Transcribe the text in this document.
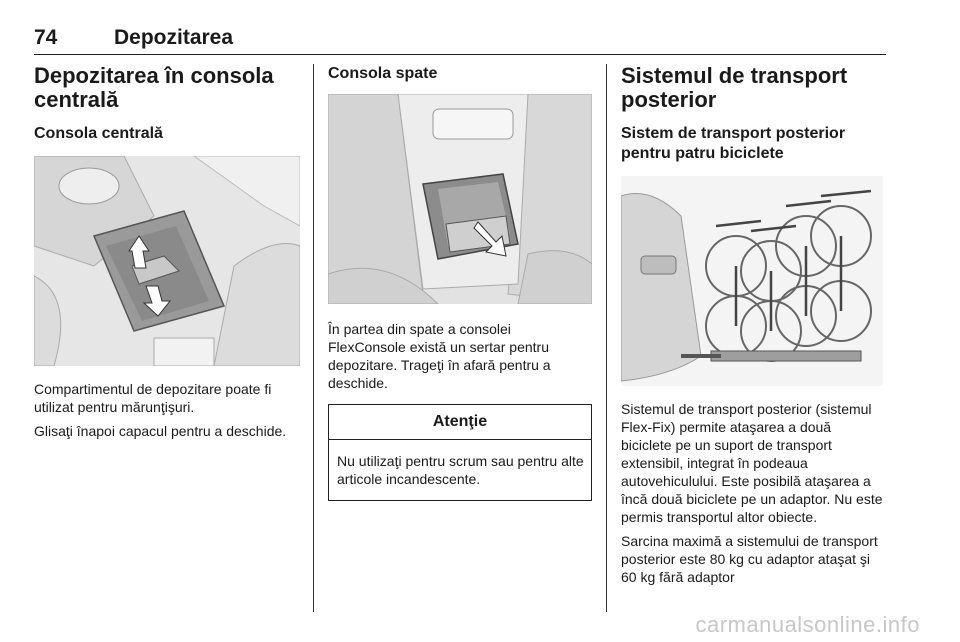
74	Depozitarea
Depozitarea în consola centrală
Consola centrală

Compartimentul de depozitare poate fi utilizat pentru mărunţişuri.

Glisaţi înapoi capacul pentru a deschide.

Consola spate

În partea din spate a consolei FlexConsole există un sertar pentru depozitare. Trageţi în afară pentru a deschide.

Atenţie
Nu utilizaţi pentru scrum sau pentru alte articole incandescente.
Sistemul de transport posterior
Sistem de transport posterior pentru patru biciclete

Sistemul de transport posterior (sistemul Flex-Fix) permite ataşarea a două biciclete pe un suport de transport extensibil, integrat în podeaua autovehiculului. Este posibilă ataşarea a încă două biciclete pe un adaptor. Nu este permis transportul altor obiecte.

Sarcina maximă a sistemului de transport posterior este 80 kg cu adaptor ataşat şi 60 kg fără adaptor

carmanualsonline.info
